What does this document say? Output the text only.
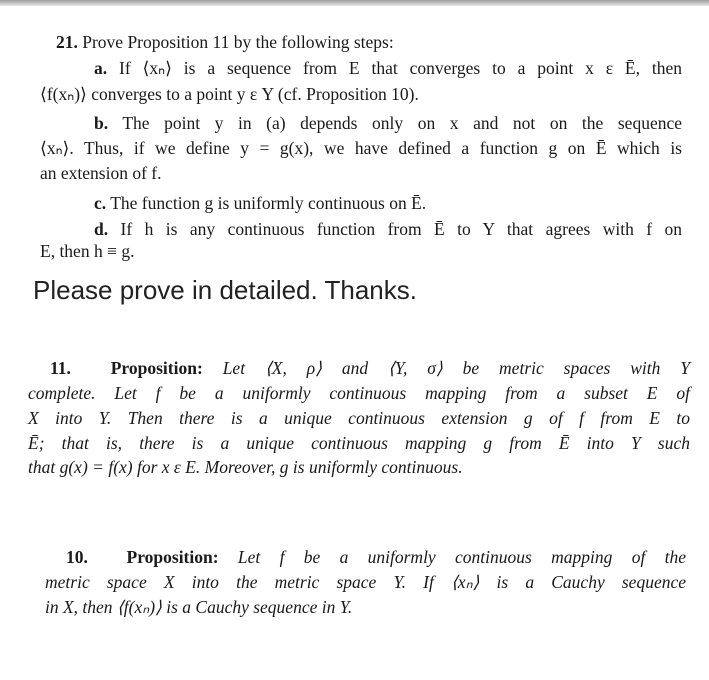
21. Prove Proposition 11 by the following steps:
a. If ⟨xₙ⟩ is a sequence from E that converges to a point x ε Ē, then
⟨f(xₙ)⟩ converges to a point y ε Y (cf. Proposition 10).
b. The point y in (a) depends only on x and not on the sequence
⟨xₙ⟩. Thus, if we define y = g(x), we have defined a function g on Ē which is
an extension of f.
c. The function g is uniformly continuous on Ē.
d. If h is any continuous function from Ē to Y that agrees with f on
E, then h ≡ g.
Please prove in detailed. Thanks.
11. Proposition: Let ⟨X, ρ⟩ and ⟨Y, σ⟩ be metric spaces with Y
complete. Let f be a uniformly continuous mapping from a subset E of
X into Y. Then there is a unique continuous extension g of f from E to
Ē; that is, there is a unique continuous mapping g from Ē into Y such
that g(x) = f(x) for x ε E. Moreover, g is uniformly continuous.
10. Proposition: Let f be a uniformly continuous mapping of the
metric space X into the metric space Y. If ⟨xₙ⟩ is a Cauchy sequence
in X, then ⟨f(xₙ)⟩ is a Cauchy sequence in Y.
